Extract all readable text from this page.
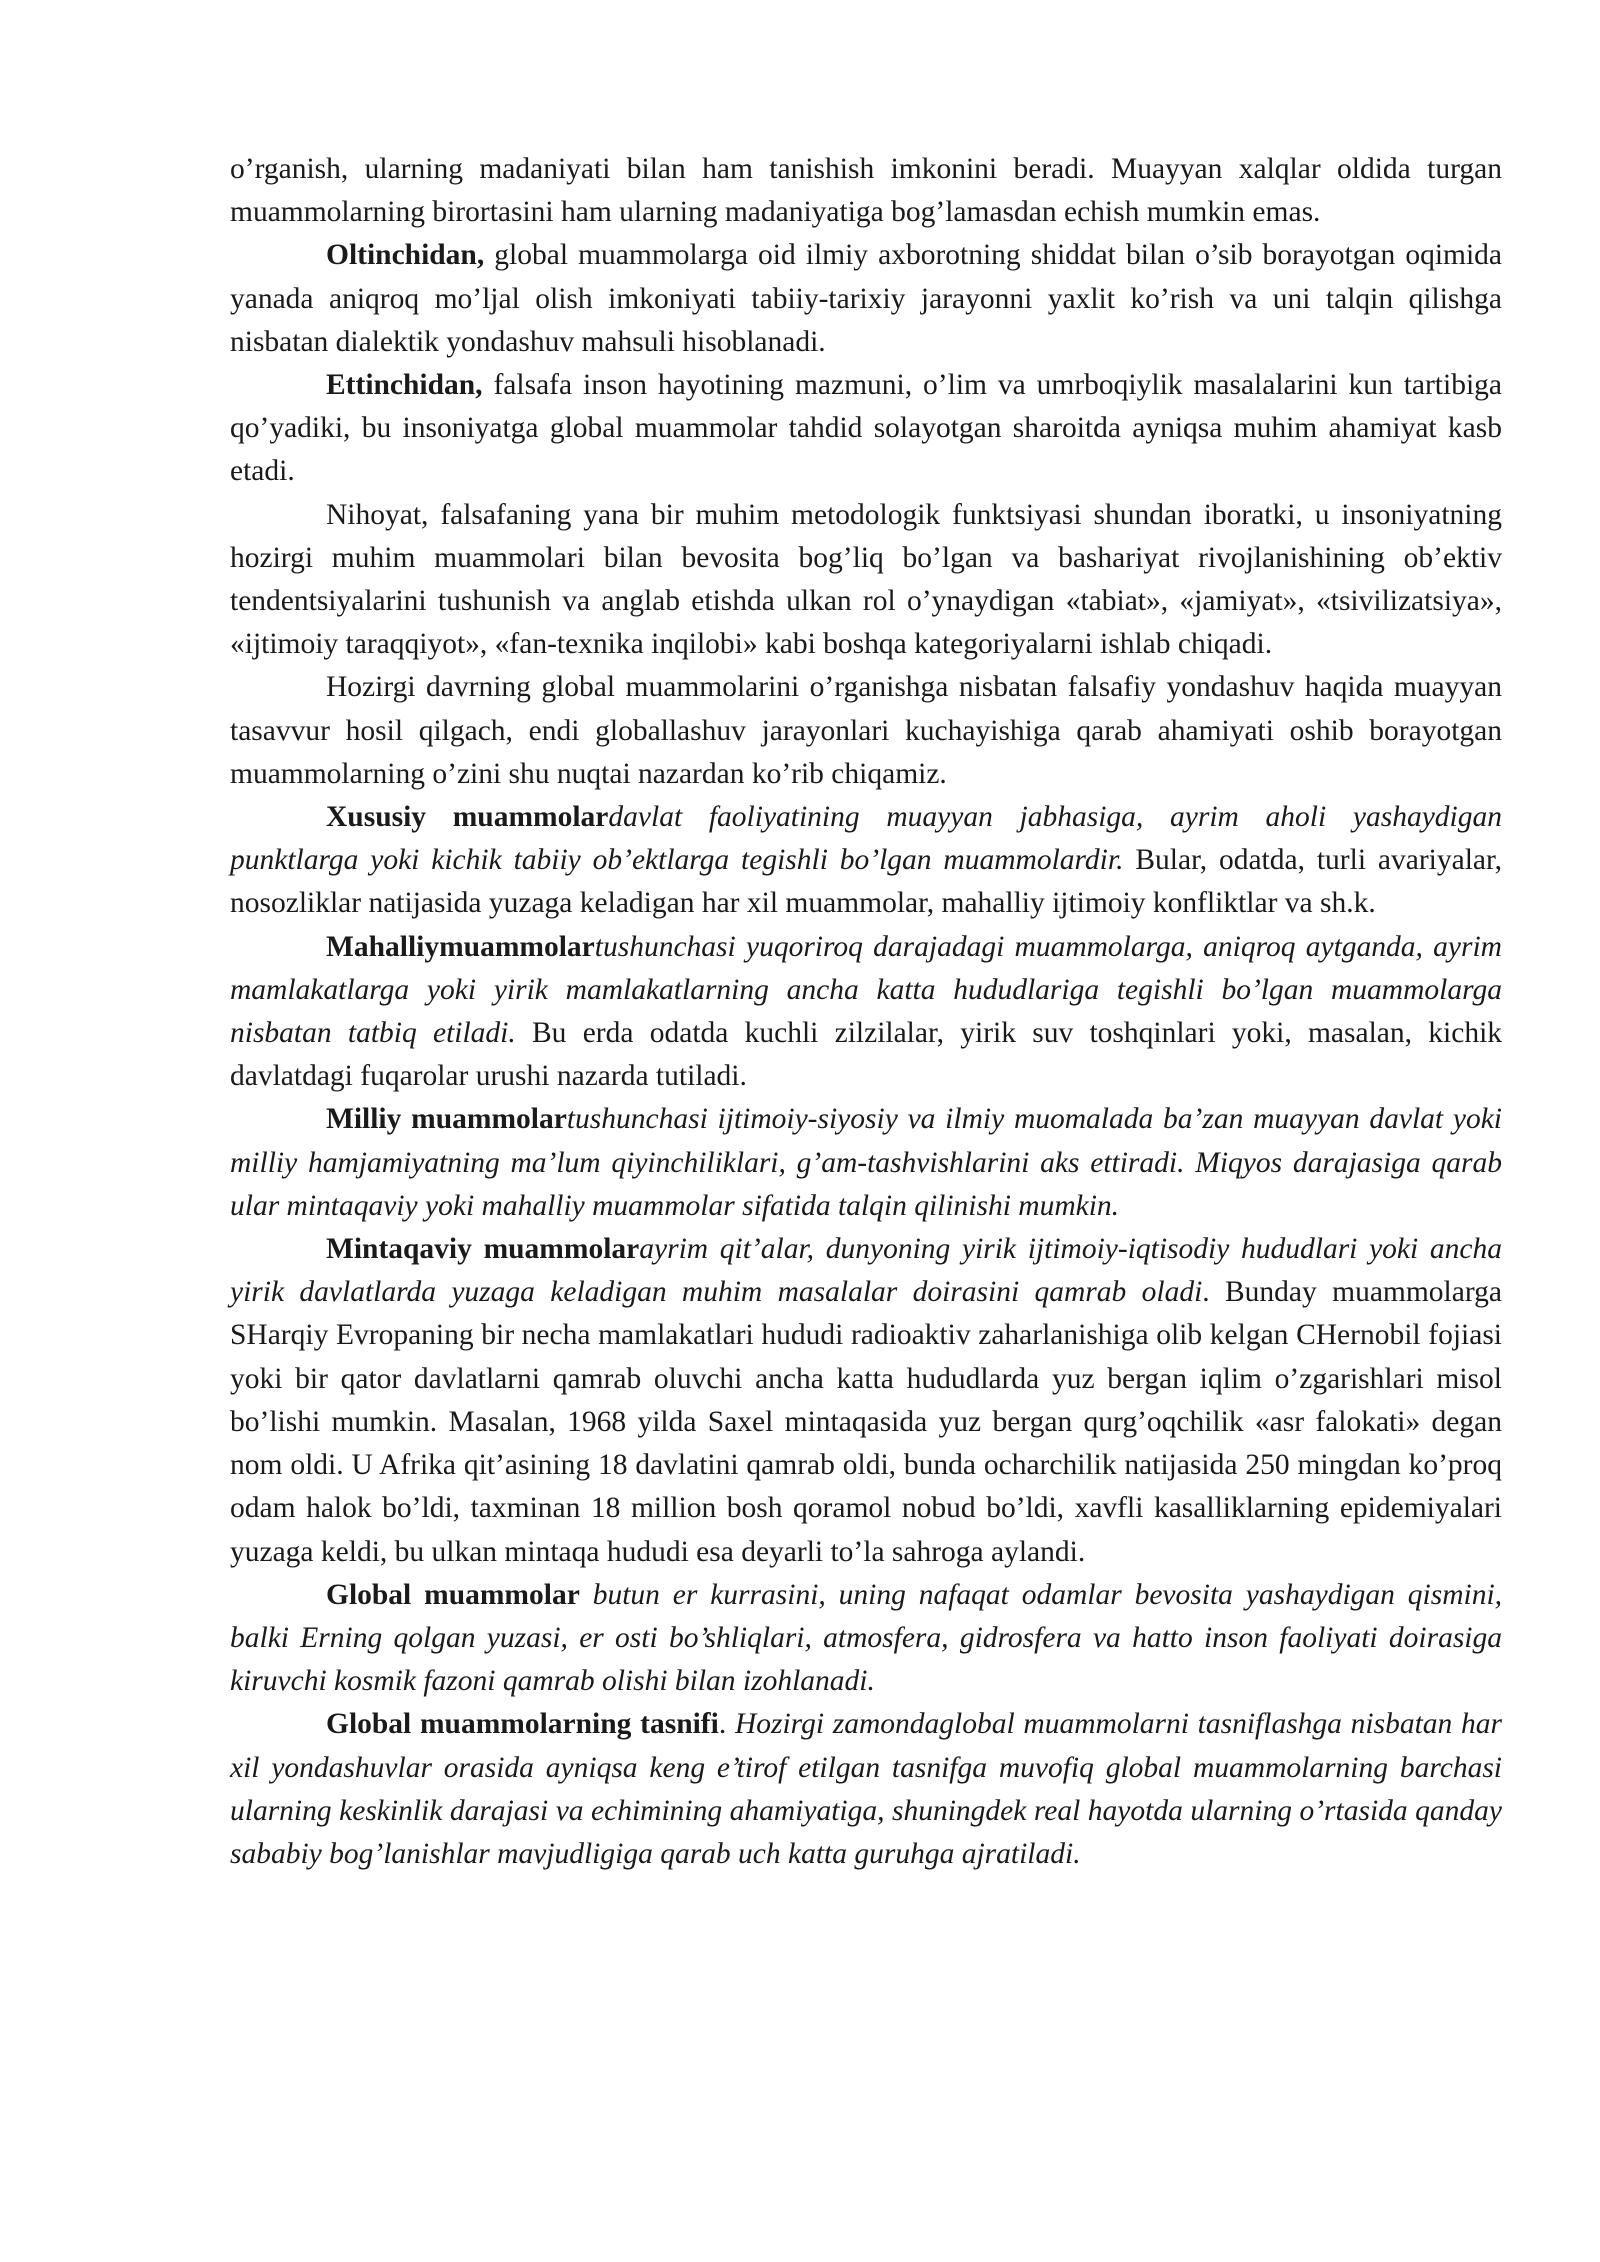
o’rganish, ularning madaniyati bilan ham tanishish imkonini beradi. Muayyan xalqlar oldida turgan muammolarning birortasini ham ularning madaniyatiga bog’lamasdan echish mumkin emas.

Oltinchidan, global muammolarga oid ilmiy axborotning shiddat bilan o’sib borayotgan oqimida yanada aniqroq mo’ljal olish imkoniyati tabiiy-tarixiy jarayonni yaxlit ko’rish va uni talqin qilishga nisbatan dialektik yondashuv mahsuli hisoblanadi.

Ettinchidan, falsafa inson hayotining mazmuni, o’lim va umrboqiylik masalalarini kun tartibiga qo’yadiki, bu insoniyatga global muammolar tahdid solayotgan sharoitda ayniqsa muhim ahamiyat kasb etadi.

Nihoyat, falsafaning yana bir muhim metodologik funktsiyasi shundan iboratki, u insoniyatning hozirgi muhim muammolari bilan bevosita bog’liq bo’lgan va bashariyat rivojlanishining ob’ektiv tendentsiyalarini tushunish va anglab etishda ulkan rol o’ynaydigan «tabiat», «jamiyat», «tsivilizatsiya», «ijtimoiy taraqqiyot», «fan-texnika inqilobi» kabi boshqa kategoriyalarni ishlab chiqadi.

Hozirgi davrning global muammolarini o’rganishga nisbatan falsafiy yondashuv haqida muayyan tasavvur hosil qilgach, endi globallashuv jarayonlari kuchayishiga qarab ahamiyati oshib borayotgan muammolarning o’zini shu nuqtai nazardan ko’rib chiqamiz.

Xususiy muammolardavlat faoliyatining muayyan jabhasiga, ayrim aholi yashaydigan punktlarga yoki kichik tabiiy ob’ektlarga tegishli bo’lgan muammolardir. Bular, odatda, turli avariyalar, nosozliklar natijasida yuzaga keladigan har xil muammolar, mahalliy ijtimoiy konfliktlar va sh.k.

Mahalliymuammolartushunchasi yuqoriroq darajadagi muammolarga, aniqroq aytganda, ayrim mamlakatlarga yoki yirik mamlakatlarning ancha katta hududlariga tegishli bo’lgan muammolarga nisbatan tatbiq etiladi. Bu erda odatda kuchli zilzilalar, yirik suv toshqinlari yoki, masalan, kichik davlatdagi fuqarolar urushi nazarda tutiladi.

Milliy muammolartushunchasi ijtimoiy-siyosiy va ilmiy muomalada ba’zan muayyan davlat yoki milliy hamjamiyatning ma’lum qiyinchiliklari, g’am-tashvishlarini aks ettiradi. Miqyos darajasiga qarab ular mintaqaviy yoki mahalliy muammolar sifatida talqin qilinishi mumkin.

Mintaqaviy muammolarayrim qit’alar, dunyoning yirik ijtimoiy-iqtisodiy hududlari yoki ancha yirik davlatlarda yuzaga keladigan muhim masalalar doirasini qamrab oladi. Bunday muammolarga SHarqiy Evropaning bir necha mamlakatlari hududi radioaktiv zaharlanishiga olib kelgan CHernobil fojiasi yoki bir qator davlatlarni qamrab oluvchi ancha katta hududlarda yuz bergan iqlim o’zgarishlari misol bo’lishi mumkin. Masalan, 1968 yilda Saxel mintaqasida yuz bergan qurg’oqchilik «asr falokati» degan nom oldi. U Afrika qit’asining 18 davlatini qamrab oldi, bunda ocharchilik natijasida 250 mingdan ko’proq odam halok bo’ldi, taxminan 18 million bosh qoramol nobud bo’ldi, xavfli kasalliklarning epidemiyalari yuzaga keldi, bu ulkan mintaqa hududi esa deyarli to’la sahroga aylandi.

Global muammolar butun er kurrasini, uning nafaqat odamlar bevosita yashaydigan qismini, balki Erning qolgan yuzasi, er osti bo’shliqlari, atmosfera, gidrosfera va hatto inson faoliyati doirasiga kiruvchi kosmik fazoni qamrab olishi bilan izohlanadi.

Global muammolarning tasnifi. Hozirgi zamondaglobal muammolarni tasniflashga nisbatan har xil yondashuvlar orasida ayniqsa keng e’tirof etilgan tasnifga muvofiq global muammolarning barchasi ularning keskinlik darajasi va echimining ahamiyatiga, shuningdek real hayotda ularning o’rtasida qanday sababiy bog’lanishlar mavjudligiga qarab uch katta guruhga ajratiladi.
